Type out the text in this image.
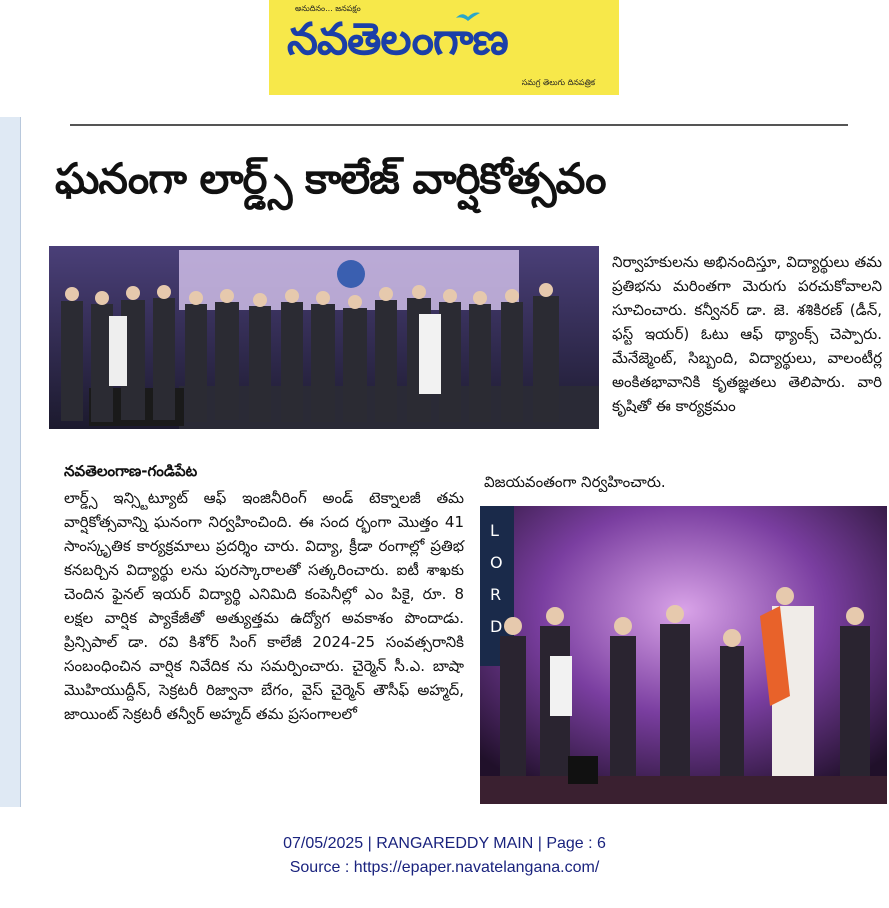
అనుదినం... జనపక్షం
నవతెలంగాణ
సమగ్ర తెలుగు దినపత్రిక
ఘనంగా లార్డ్స్ కాలేజ్ వార్షికోత్సవం

నిర్వాహకులను అభినందిస్తూ, విద్యార్థులు తమ ప్రతిభను మరింతగా మెరుగు పరచుకోవాలని సూచించారు. కన్వీనర్ డా. జె. శశికిరణ్ (డీన్, ఫస్ట్ ఇయర్) ఓటు ఆఫ్ థ్యాంక్స్ చెప్పారు. మేనేజ్మెంట్, సిబ్బంది, విద్యార్థులు, వాలంటీర్ల అంకితభావానికి కృతజ్ఞతలు తెలిపారు. వారి కృషితో ఈ కార్యక్రమం

విజయవంతంగా నిర్వహించారు.

నవతెలంగాణ-గండిపేట

లార్డ్స్ ఇన్స్టిట్యూట్ ఆఫ్ ఇంజినీరింగ్ అండ్ టెక్నాలజీ తమ వార్షికోత్సవాన్ని ఘనంగా నిర్వహించింది. ఈ సంద ర్భంగా మొత్తం 41 సాంస్కృతిక కార్యక్రమాలు ప్రదర్శిం చారు. విద్యా, క్రీడా రంగాల్లో ప్రతిభ కనబర్చిన విద్యార్థు లను పురస్కారాలతో సత్కరించారు. ఐటీ శాఖకు చెందిన ఫైనల్ ఇయర్ విద్యార్థి ఎనిమిది కంపెనీల్లో ఎం పికై, రూ. 8 లక్షల వార్షిక ప్యాకేజీతో అత్యుత్తమ ఉద్యోగ అవకాశం పొందాడు. ప్రిన్సిపాల్ డా. రవి కిశోర్ సింగ్ కాలేజీ 2024-25 సంవత్సరానికి సంబంధించిన వార్షిక నివేదిక ను సమర్పించారు. చైర్మెన్ సీ.ఎ. బాషా మొహియుద్దీన్, సెక్రటరీ రిజ్వానా బేగం, వైస్ చైర్మెన్ తౌసీఫ్ అహ్మద్, జాయింట్ సెక్రటరీ తన్వీర్ అహ్మద్ తమ ప్రసంగాలలో

L
O
R
D
07/05/2025 | RANGAREDDY MAIN | Page : 6
Source : https://epaper.navatelangana.com/
